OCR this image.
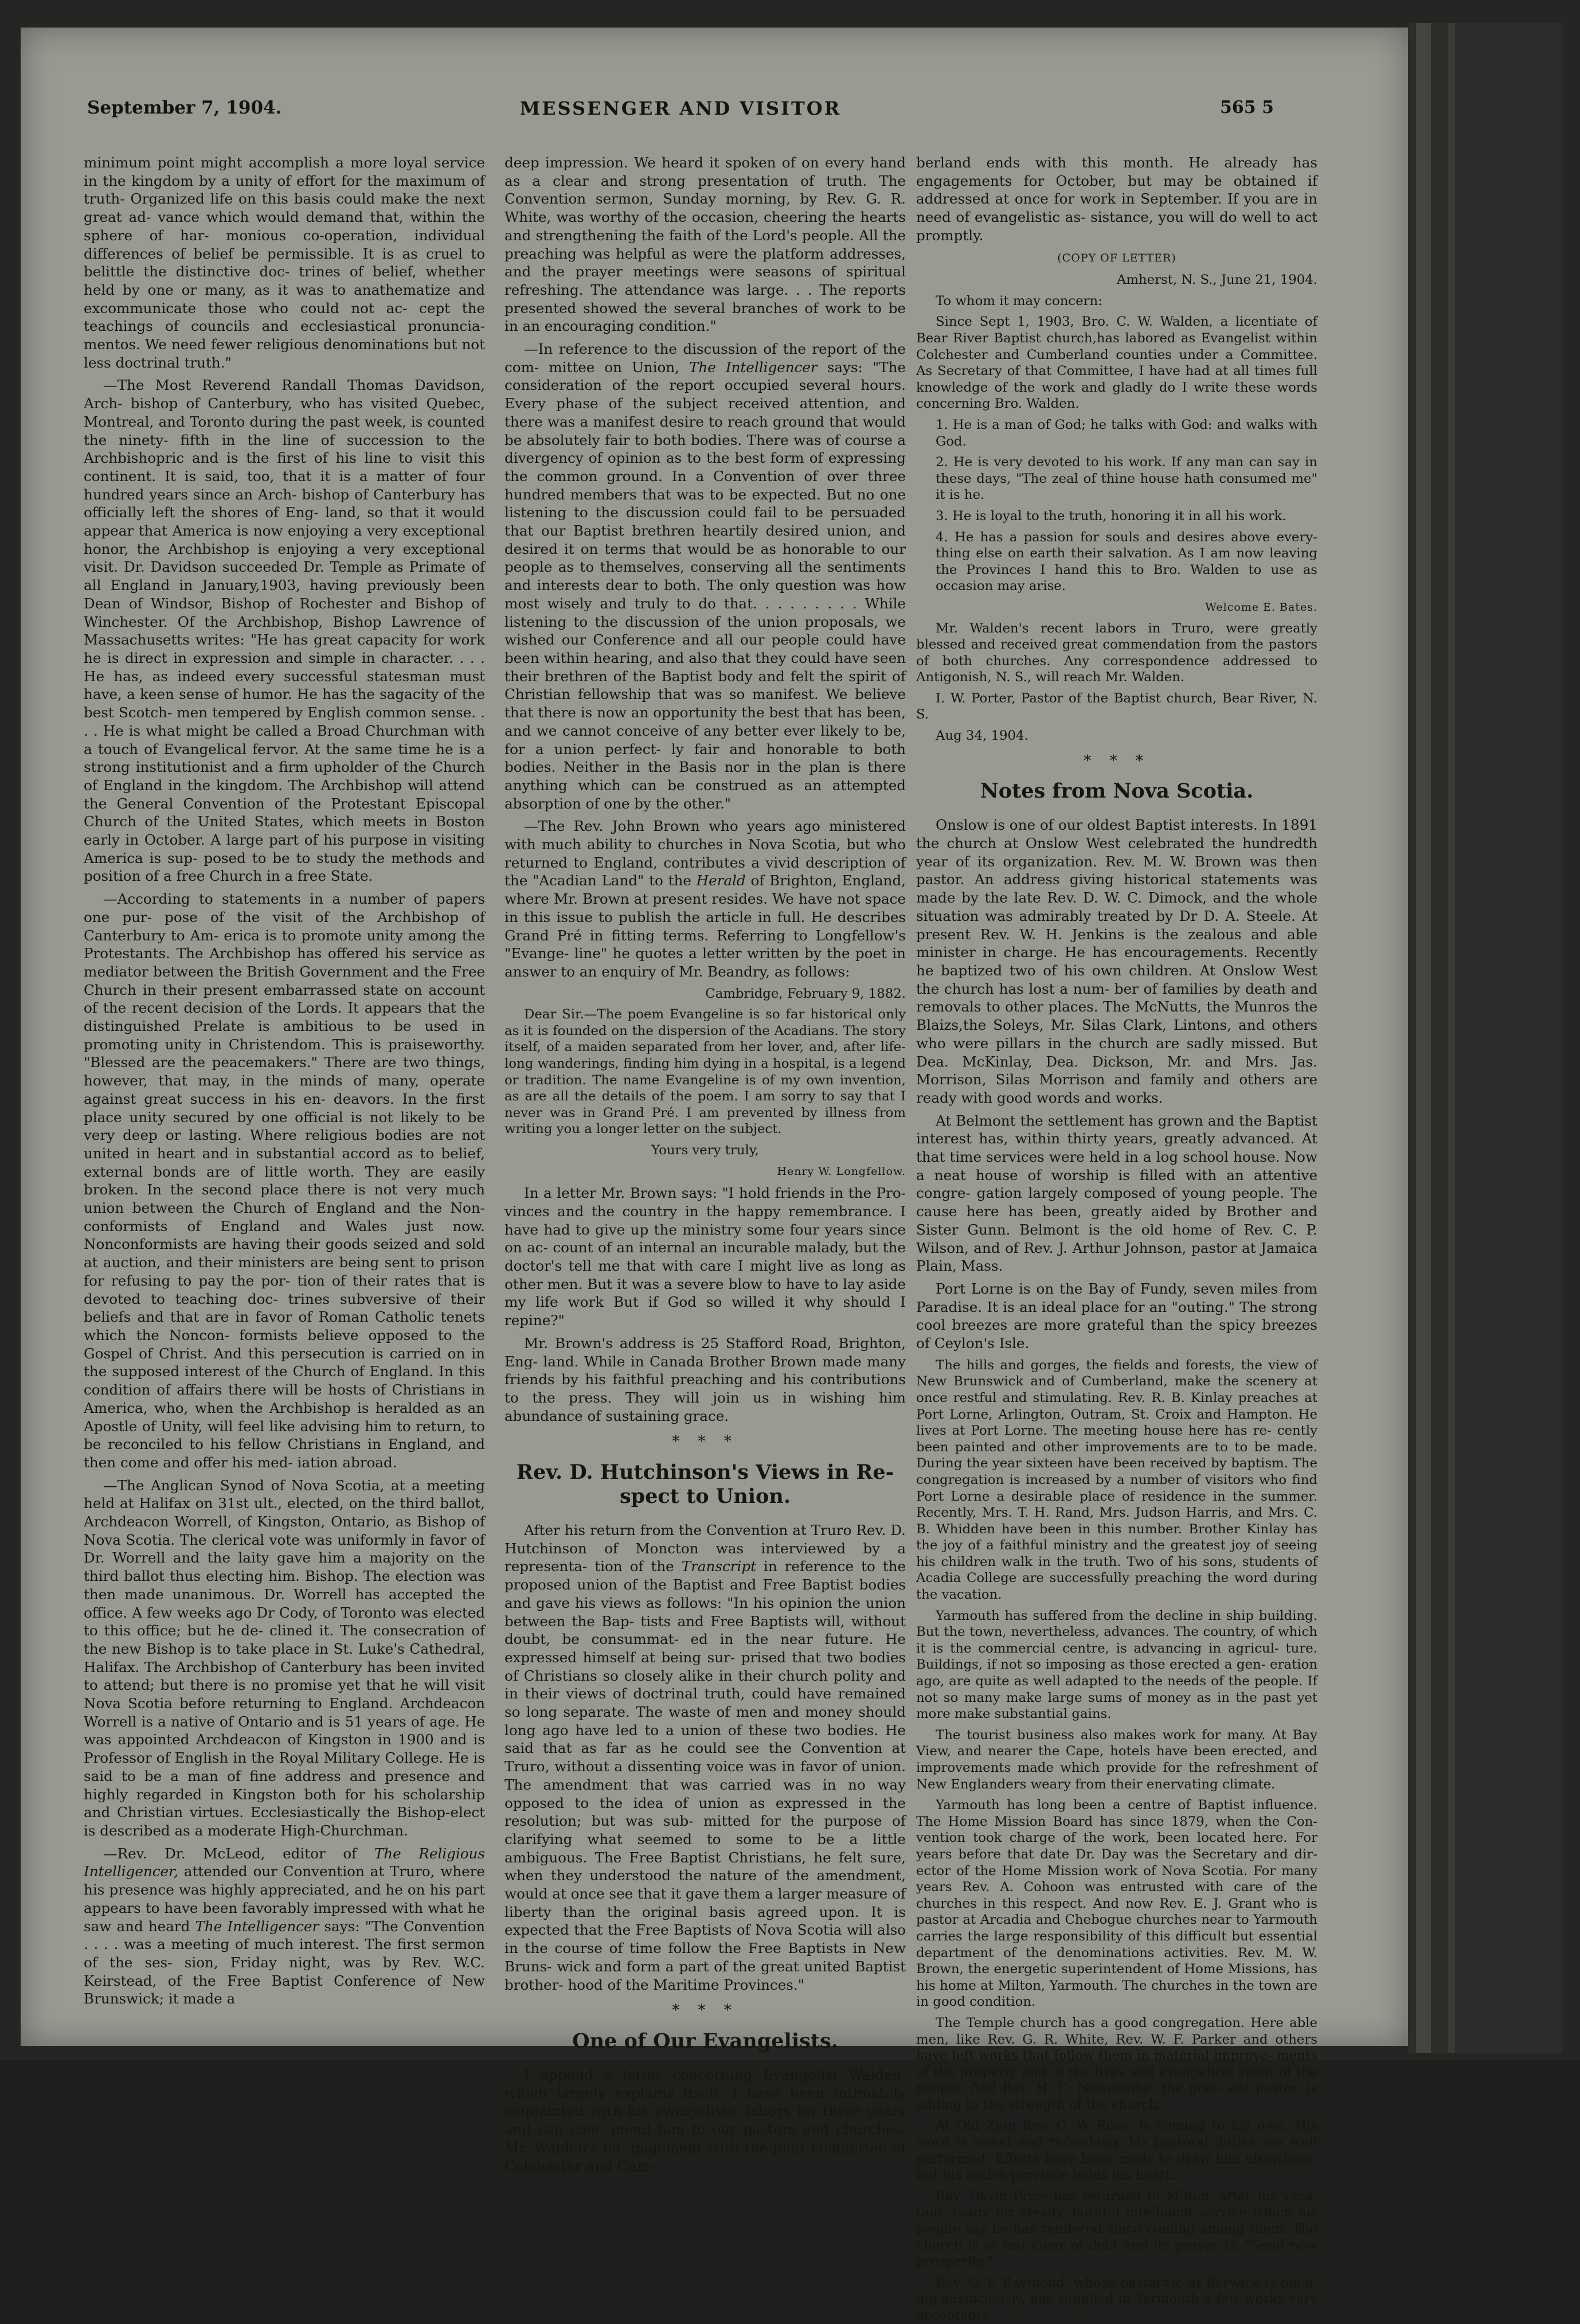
September 7, 1904.	MESSENGER AND VISITOR	565 5

minimum point might accomplish a more loyal service in the kingdom by a unity of effort for the maximum of truth- Organized life on this basis could make the next great ad- vance which would demand that, within the sphere of har- monious co-operation, individual differences of belief be permissible. It is as cruel to belittle the distinctive doc- trines of belief, whether held by one or many, as it was to anathematize and excommunicate those who could not ac- cept the teachings of councils and ecclesiastical pronuncia- mentos. We need fewer religious denominations but not less doctrinal truth."

—The Most Reverend Randall Thomas Davidson, Arch- bishop of Canterbury, who has visited Quebec, Montreal, and Toronto during the past week, is counted the ninety- fifth in the line of succession to the Archbishopric and is the first of his line to visit this continent. It is said, too, that it is a matter of four hundred years since an Arch- bishop of Canterbury has officially left the shores of Eng- land, so that it would appear that America is now enjoying a very exceptional honor, the Archbishop is enjoying a very exceptional visit. Dr. Davidson succeeded Dr. Temple as Primate of all England in January,1903, having previously been Dean of Windsor, Bishop of Rochester and Bishop of Winchester. Of the Archbishop, Bishop Lawrence of Massachusetts writes: "He has great capacity for work he is direct in expression and simple in character. . . . He has, as indeed every successful statesman must have, a keen sense of humor. He has the sagacity of the best Scotch- men tempered by English common sense. . . . He is what might be called a Broad Churchman with a touch of Evangelical fervor. At the same time he is a strong institutionist and a firm upholder of the Church of England in the kingdom. The Archbishop will attend the General Convention of the Protestant Episcopal Church of the United States, which meets in Boston early in October. A large part of his purpose in visiting America is sup- posed to be to study the methods and position of a free Church in a free State.

—According to statements in a number of papers one pur- pose of the visit of the Archbishop of Canterbury to Am- erica is to promote unity among the Protestants. The Archbishop has offered his service as mediator between the British Government and the Free Church in their present embarrassed state on account of the recent decision of the Lords. It appears that the distinguished Prelate is ambitious to be used in promoting unity in Christendom. This is praiseworthy. "Blessed are the peacemakers." There are two things, however, that may, in the minds of many, operate against great success in his en- deavors. In the first place unity secured by one official is not likely to be very deep or lasting. Where religious bodies are not united in heart and in substantial accord as to belief, external bonds are of little worth. They are easily broken. In the second place there is not very much union between the Church of England and the Non-conformists of England and Wales just now. Nonconformists are having their goods seized and sold at auction, and their ministers are being sent to prison for refusing to pay the por- tion of their rates that is devoted to teaching doc- trines subversive of their beliefs and that are in favor of Roman Catholic tenets which the Noncon- formists believe opposed to the Gospel of Christ. And this persecution is carried on in the supposed interest of the Church of England. In this condition of affairs there will be hosts of Christians in America, who, when the Archbishop is heralded as an Apostle of Unity, will feel like advising him to return, to be reconciled to his fellow Christians in England, and then come and offer his med- iation abroad.

—The Anglican Synod of Nova Scotia, at a meeting held at Halifax on 31st ult., elected, on the third ballot, Archdeacon Worrell, of Kingston, Ontario, as Bishop of Nova Scotia. The clerical vote was uniformly in favor of Dr. Worrell and the laity gave him a majority on the third ballot thus electing him. Bishop. The election was then made unanimous. Dr. Worrell has accepted the office. A few weeks ago Dr Cody, of Toronto was elected to this office; but he de- clined it. The consecration of the new Bishop is to take place in St. Luke's Cathedral, Halifax. The Archbishop of Canterbury has been invited to attend; but there is no promise yet that he will visit Nova Scotia before returning to England. Archdeacon Worrell is a native of Ontario and is 51 years of age. He was appointed Archdeacon of Kingston in 1900 and is Professor of English in the Royal Military College. He is said to be a man of fine address and presence and highly regarded in Kingston both for his scholarship and Christian virtues. Ecclesiastically the Bishop-elect is described as a moderate High-Churchman.

—Rev. Dr. McLeod, editor of The Religious Intelligencer, attended our Convention at Truro, where his presence was highly appreciated, and he on his part appears to have been favorably impressed with what he saw and heard The Intelligencer says: "The Convention . . . . was a meeting of much interest. The first sermon of the ses- sion, Friday night, was by Rev. W.C. Keirstead, of the Free Baptist Conference of New Brunswick; it made a

deep impression. We heard it spoken of on every hand as a clear and strong presentation of truth. The Convention sermon, Sunday morning, by Rev. G. R. White, was worthy of the occasion, cheering the hearts and strengthening the faith of the Lord's people. All the preaching was helpful as were the platform addresses, and the prayer meetings were seasons of spiritual refreshing. The attendance was large. . . The reports presented showed the several branches of work to be in an encouraging condition."

—In reference to the discussion of the report of the com- mittee on Union, The Intelligencer says: "The consideration of the report occupied several hours. Every phase of the subject received attention, and there was a manifest desire to reach ground that would be absolutely fair to both bodies. There was of course a divergency of opinion as to the best form of expressing the common ground. In a Convention of over three hundred members that was to be expected. But no one listening to the discussion could fail to be persuaded that our Baptist brethren heartily desired union, and desired it on terms that would be as honorable to our people as to themselves, conserving all the sentiments and interests dear to both. The only question was how most wisely and truly to do that. . . . . . . . . While listening to the discussion of the union proposals, we wished our Conference and all our people could have been within hearing, and also that they could have seen their brethren of the Baptist body and felt the spirit of Christian fellowship that was so manifest. We believe that there is now an opportunity the best that has been, and we cannot conceive of any better ever likely to be, for a union perfect- ly fair and honorable to both bodies. Neither in the Basis nor in the plan is there anything which can be construed as an attempted absorption of one by the other."

—The Rev. John Brown who years ago ministered with much ability to churches in Nova Scotia, but who returned to England, contributes a vivid description of the "Acadian Land" to the Herald of Brighton, England, where Mr. Brown at present resides. We have not space in this issue to publish the article in full. He describes Grand Pré in fitting terms. Referring to Longfellow's "Evange- line" he quotes a letter written by the poet in answer to an enquiry of Mr. Beandry, as follows:

Cambridge, February 9, 1882.

Dear Sir.—The poem Evangeline is so far historical only as it is founded on the dispersion of the Acadians. The story itself, of a maiden separated from her lover, and, after life-long wanderings, finding him dying in a hospital, is a legend or tradition. The name Evangeline is of my own invention, as are all the details of the poem. I am sorry to say that I never was in Grand Pré. I am prevented by illness from writing you a longer letter on the subject.

Yours very truly,

Henry W. Longfellow.

In a letter Mr. Brown says: "I hold friends in the Pro- vinces and the country in the happy remembrance. I have had to give up the ministry some four years since on ac- count of an internal an incurable malady, but the doctor's tell me that with care I might live as long as other men. But it was a severe blow to have to lay aside my life work But if God so willed it why should I repine?"

Mr. Brown's address is 25 Stafford Road, Brighton, Eng- land. While in Canada Brother Brown made many friends by his faithful preaching and his contributions to the press. They will join us in wishing him abundance of sustaining grace.

* * *

Rev. D. Hutchinson's Views in Re- spect to Union.

After his return from the Convention at Truro Rev. D. Hutchinson of Moncton was interviewed by a representa- tion of the Transcript in reference to the proposed union of the Baptist and Free Baptist bodies and gave his views as follows: "In his opinion the union between the Bap- tists and Free Baptists will, without doubt, be consummat- ed in the near future. He expressed himself at being sur- prised that two bodies of Christians so closely alike in their church polity and in their views of doctrinal truth, could have remained so long separate. The waste of men and money should long ago have led to a union of these two bodies. He said that as far as he could see the Convention at Truro, without a dissenting voice was in favor of union. The amendment that was carried was in no way opposed to the idea of union as expressed in the resolution; but was sub- mitted for the purpose of clarifying what seemed to some to be a little ambiguous. The Free Baptist Christians, he felt sure, when they understood the nature of the amendment, would at once see that it gave them a larger measure of liberty than the original basis agreed upon. It is expected that the Free Baptists of Nova Scotia will also in the course of time follow the Free Baptists in New Bruns- wick and form a part of the great united Baptist brother- hood of the Maritime Provinces."

* * *

One of Our Evangelists.

I append a letter concerning Evangelist Walden, which largely explains itself. I have been intimately acquainted with his evangelistic labors for three years and can com- mend him to our pastors and churches. Mr. Walden's en- gagement with the joint committee of Colchester and Cum-

berland ends with this month. He already has engagements for October, but may be obtained if addressed at once for work in September. If you are in need of evangelistic as- sistance, you will do well to act promptly.

(COPY OF LETTER)

Amherst, N. S., June 21, 1904.

To whom it may concern:

Since Sept 1, 1903, Bro. C. W. Walden, a licentiate of Bear River Baptist church,has labored as Evangelist within Colchester and Cumberland counties under a Committee. As Secretary of that Committee, I have had at all times full knowledge of the work and gladly do I write these words concerning Bro. Walden.

1. He is a man of God; he talks with God: and walks with God.

2. He is very devoted to his work. If any man can say in these days, "The zeal of thine house hath consumed me" it is he.

3. He is loyal to the truth, honoring it in all his work.

4. He has a passion for souls and desires above every- thing else on earth their salvation. As I am now leaving the Provinces I hand this to Bro. Walden to use as occasion may arise.

Welcome E. Bates.

Mr. Walden's recent labors in Truro, were greatly blessed and received great commendation from the pastors of both churches. Any correspondence addressed to Antigonish, N. S., will reach Mr. Walden.

I. W. Porter, Pastor of the Baptist church, Bear River, N. S.

Aug 34, 1904.

* * *

Notes from Nova Scotia.

Onslow is one of our oldest Baptist interests. In 1891 the church at Onslow West celebrated the hundredth year of its organization. Rev. M. W. Brown was then pastor. An address giving historical statements was made by the late Rev. D. W. C. Dimock, and the whole situation was admirably treated by Dr D. A. Steele. At present Rev. W. H. Jenkins is the zealous and able minister in charge. He has encouragements. Recently he baptized two of his own children. At Onslow West the church has lost a num- ber of families by death and removals to other places. The McNutts, the Munros the Blaizs,the Soleys, Mr. Silas Clark, Lintons, and others who were pillars in the church are sadly missed. But Dea. McKinlay, Dea. Dickson, Mr. and Mrs. Jas. Morrison, Silas Morrison and family and others are ready with good words and works.

At Belmont the settlement has grown and the Baptist interest has, within thirty years, greatly advanced. At that time services were held in a log school house. Now a neat house of worship is filled with an attentive congre- gation largely composed of young people. The cause here has been, greatly aided by Brother and Sister Gunn. Belmont is the old home of Rev. C. P. Wilson, and of Rev. J. Arthur Johnson, pastor at Jamaica Plain, Mass.

Port Lorne is on the Bay of Fundy, seven miles from Paradise. It is an ideal place for an "outing." The strong cool breezes are more grateful than the spicy breezes of Ceylon's Isle.

The hills and gorges, the fields and forests, the view of New Brunswick and of Cumberland, make the scenery at once restful and stimulating. Rev. R. B. Kinlay preaches at Port Lorne, Arlington, Outram, St. Croix and Hampton. He lives at Port Lorne. The meeting house here has re- cently been painted and other improvements are to to be made. During the year sixteen have been received by baptism. The congregation is increased by a number of visitors who find Port Lorne a desirable place of residence in the summer. Recently, Mrs. T. H. Rand, Mrs. Judson Harris, and Mrs. C. B. Whidden have been in this number. Brother Kinlay has the joy of a faithful ministry and the greatest joy of seeing his children walk in the truth. Two of his sons, students of Acadia College are successfully preaching the word during the vacation.

Yarmouth has suffered from the decline in ship building. But the town, nevertheless, advances. The country, of which it is the commercial centre, is advancing in agricul- ture. Buildings, if not so imposing as those erected a gen- eration ago, are quite as well adapted to the needs of the people. If not so many make large sums of money as in the past yet more make substantial gains.

The tourist business also makes work for many. At Bay View, and nearer the Cape, hotels have been erected, and improvements made which provide for the refreshment of New Englanders weary from their enervating climate.

Yarmouth has long been a centre of Baptist influence. The Home Mission Board has since 1879, when the Con- vention took charge of the work, been located here. For years before that date Dr. Day was the Secretary and dir- ector of the Home Mission work of Nova Scotia. For many years Rev. A. Cohoon was entrusted with care of the churches in this respect. And now Rev. E. J. Grant who is pastor at Arcadia and Chebogue churches near to Yarmouth carries the large responsibility of this difficult but essential department of the denominations activities. Rev. M. W. Brown, the energetic superintendent of Home Missions, has his home at Milton, Yarmouth. The churches in the town are in good condition.

The Temple church has a good congregation. Here able men, like Rev. G. R. White, Rev. W. F. Parker and others have left works that follow them in material improve- ments of the property and in the lives and evangelical spirit of the people. And Rev. H. C. Newcombe, the pres- ent pastor, is adding to the strength of the church.

At Old Zion Rev. C. W Rose, is coming to his own. His word is sweet and refreshing, his pastoral duties are well performed. Efforts have been made to draw him elsewhere; but his native province holds his heart.

Rev. David Price has returned to Milton, after his vaca- tion, ready for steady, faithful intelligent service which his people say he has rendered since coming among them. The church is at last clear of debt and its prayer is: "Send now prosperity."

Rev. G. P. Raymond, whose pastorate at Berwick is open- ing auspiciously, has supplied in Yarmouth a few works very acceptably.
